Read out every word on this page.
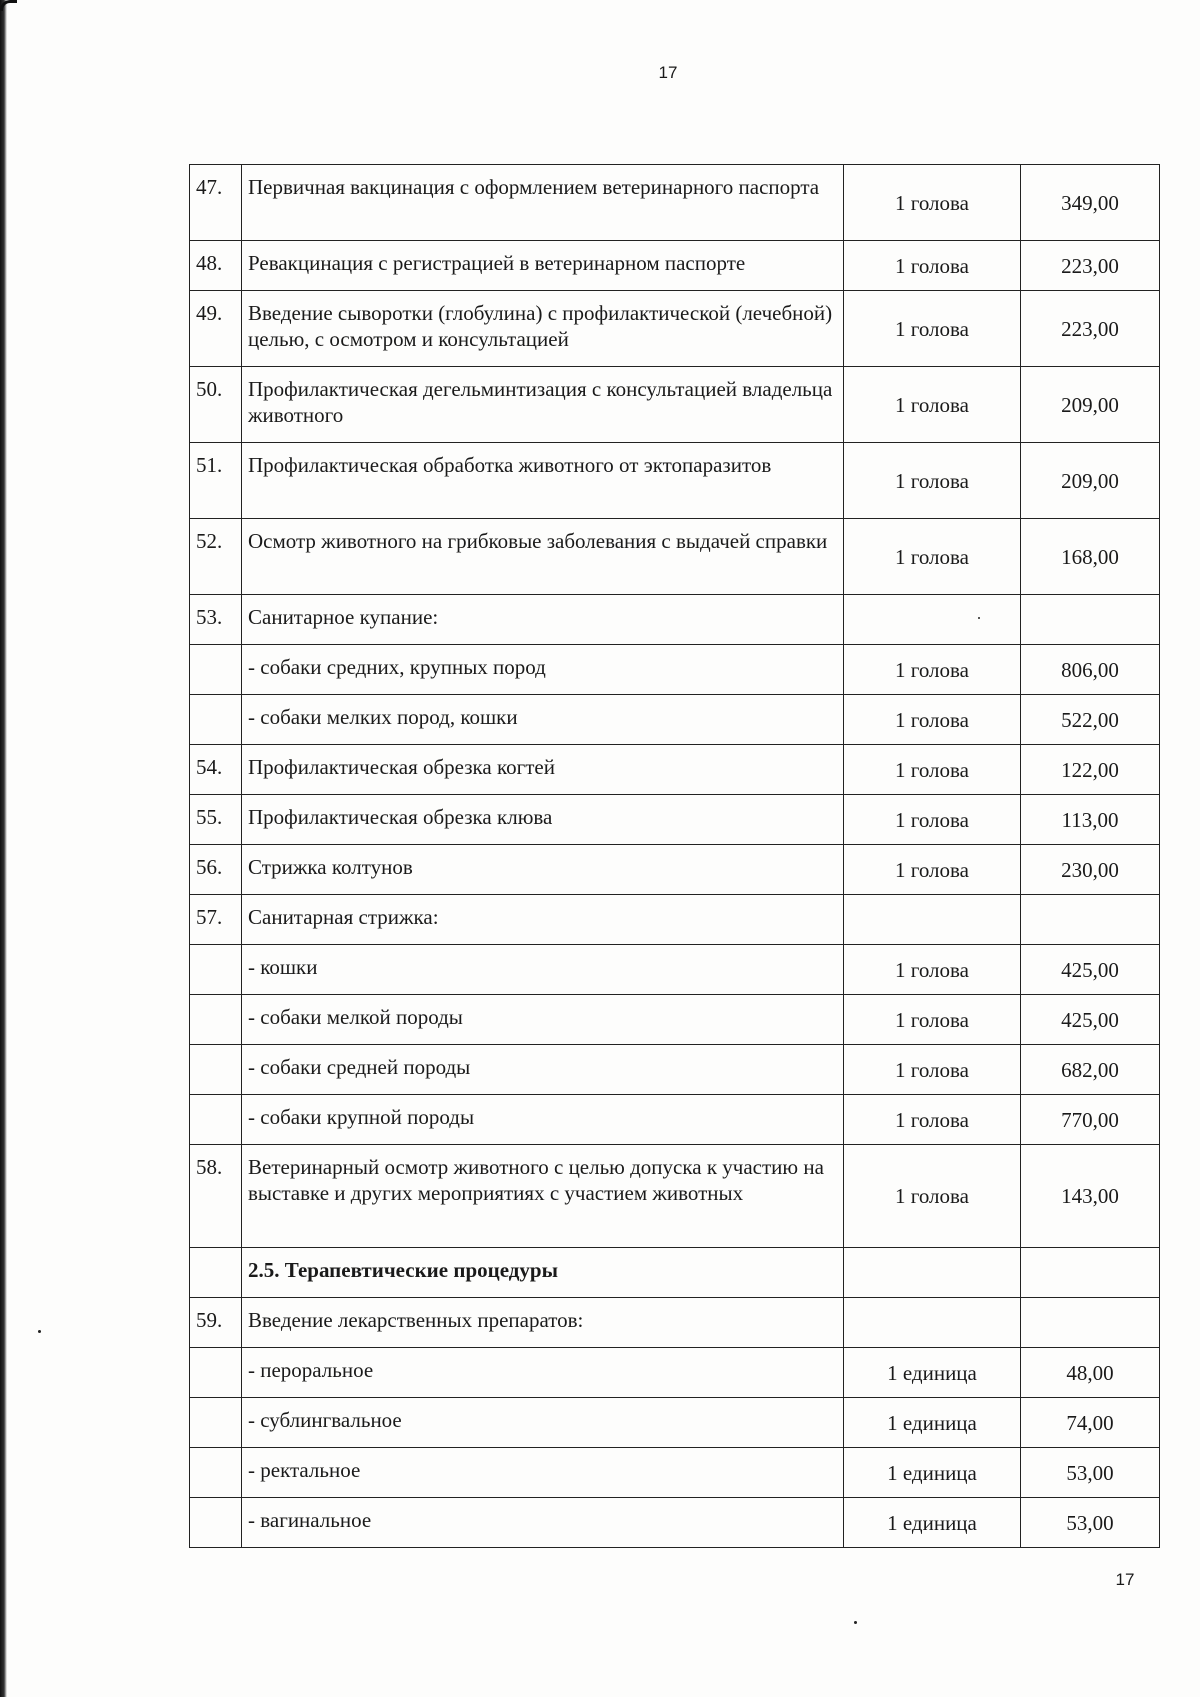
17
47.	Первичная вакцинация с оформлением ветеринарного паспорта	1 голова	349,00
48.	Ревакцинация с регистрацией в ветеринарном паспорте	1 голова	223,00
49.	Введение сыворотки (глобулина) с профилактической (лечебной) целью, с осмотром и консультацией	1 голова	223,00
50.	Профилактическая дегельминтизация с консультацией владельца животного	1 голова	209,00
51.	Профилактическая обработка животного от эктопаразитов	1 голова	209,00
52.	Осмотр животного на грибковые заболевания с выдачей справки	1 голова	168,00
53.	Санитарное купание:		
	- собаки средних, крупных пород	1 голова	806,00
	- собаки мелких пород, кошки	1 голова	522,00
54.	Профилактическая обрезка когтей	1 голова	122,00
55.	Профилактическая обрезка клюва	1 голова	113,00
56.	Стрижка колтунов	1 голова	230,00
57.	Санитарная стрижка:		
	- кошки	1 голова	425,00
	- собаки мелкой породы	1 голова	425,00
	- собаки средней породы	1 голова	682,00
	- собаки крупной породы	1 голова	770,00
58.	Ветеринарный осмотр животного с целью допуска к участию на выставке и других мероприятиях с участием животных	1 голова	143,00
	2.5. Терапевтические процедуры		
59.	Введение лекарственных препаратов:		
	- пероральное	1 единица	48,00
	- сублингвальное	1 единица	74,00
	- ректальное	1 единица	53,00
	- вагинальное	1 единица	53,00
17
